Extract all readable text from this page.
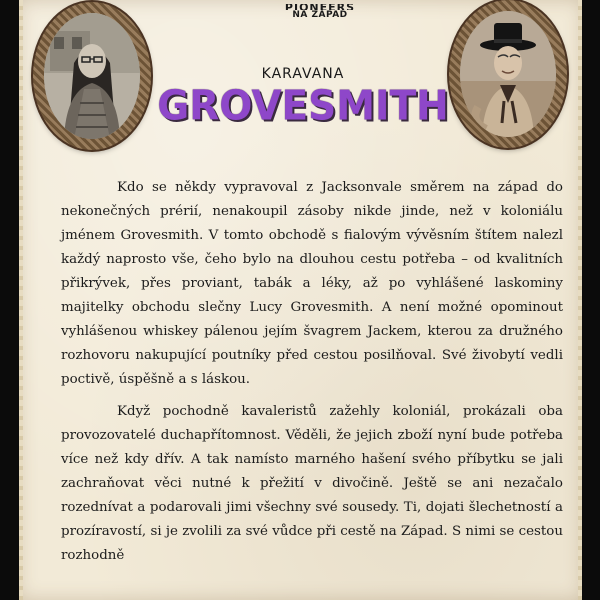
NA ZÁPAD
KARAVANA
GROVESMITH

Kdo se někdy vypravoval z Jacksonvale směrem na západ do nekonečných prérií, nenakoupil zásoby nikde jinde, než v koloniálu jménem Grovesmith. V tomto obchodě s fialovým vývěsním štítem nalezl každý naprosto vše, čeho bylo na dlouhou cestu potřeba – od kvalitních přikrývek, přes proviant, tabák a léky, až po vyhlášené laskominy majitelky obchodu slečny Lucy Grovesmith. A není možné opominout vyhlášenou whiskey pálenou jejím švagrem Jackem, kterou za družného rozhovoru nakupující poutníky před cestou posilňoval. Své živobytí vedli poctivě, úspěšně a s láskou.

Když pochodně kavaleristů zažehly koloniál, prokázali oba provozovatelé duchapřítomnost. Věděli, že jejich zboží nyní bude potřeba více než kdy dřív. A tak namísto marného hašení svého příbytku se jali zachraňovat věci nutné k přežití v divočině. Ještě se ani nezačalo rozednívat a podarovali jimi všechny své sousedy. Ti, dojati šlechetností a prozíravostí, si je zvolili za své vůdce při cestě na Západ. S nimi se cestou rozhodně
